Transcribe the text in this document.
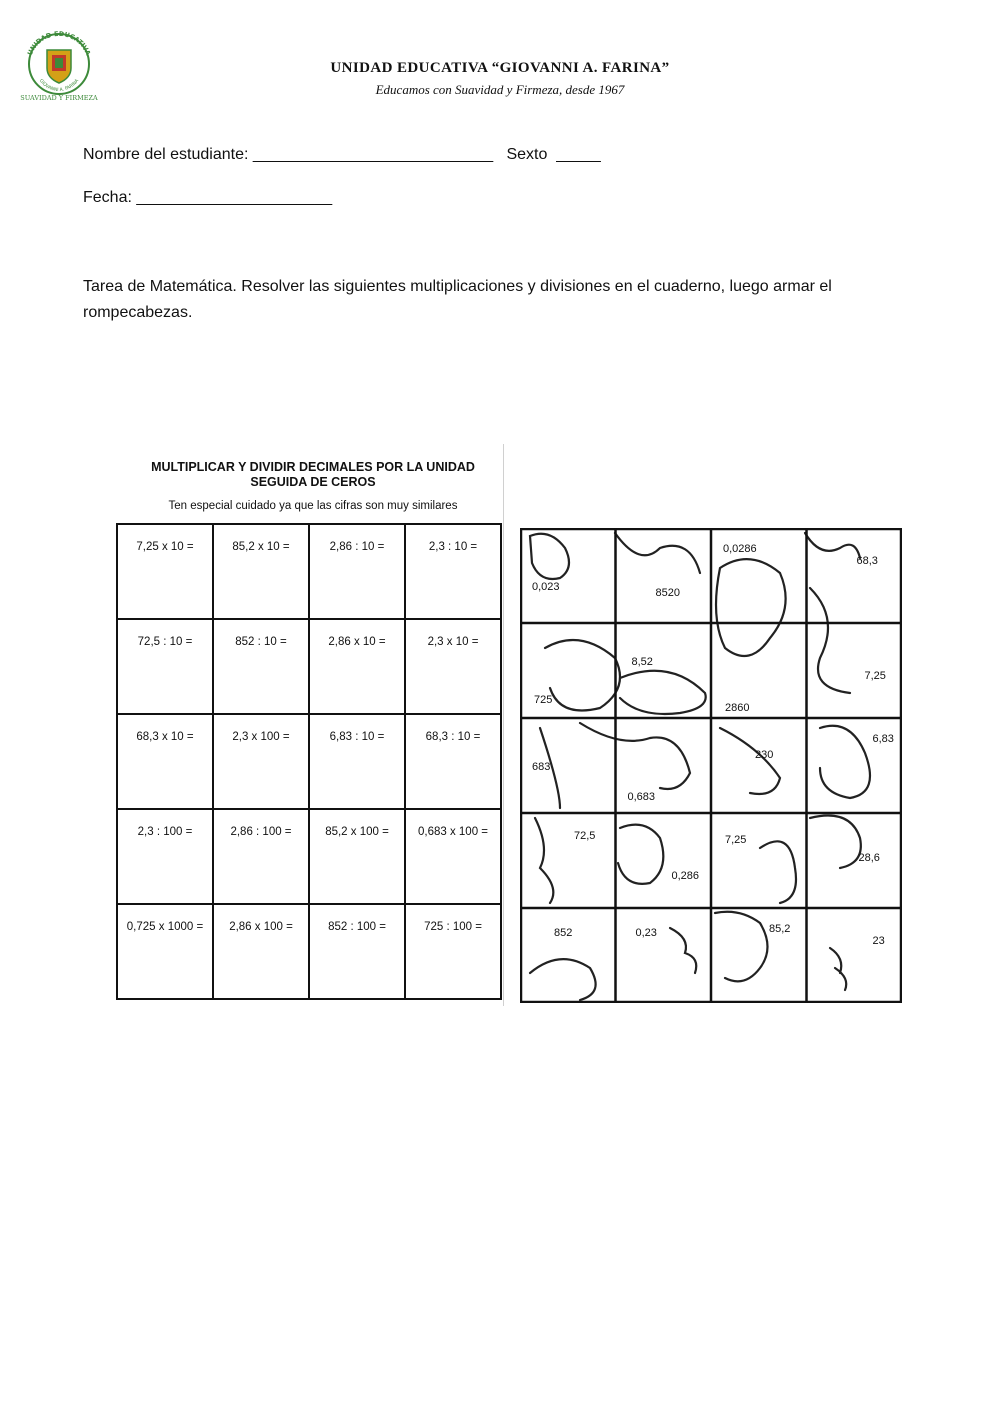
UNIDAD EDUCATIVA
GIOVANNI A. FARINA
SUAVIDAD Y FIRMEZA
UNIDAD EDUCATIVA “GIOVANNI A. FARINA”
Educamos con Suavidad y Firmeza, desde 1967
Nombre del estudiante: ___________________________   Sexto  _____
Fecha: ______________________
Tarea de Matemática. Resolver las siguientes multiplicaciones y divisiones en el cuaderno, luego armar el rompecabezas.
MULTIPLICAR Y DIVIDIR DECIMALES POR LA UNIDAD
SEGUIDA DE CEROS
Ten especial cuidado ya que las cifras son muy similares
7,25 x 10 =	85,2 x 10 =	2,86 : 10 =	2,3 : 10 =

72,5 : 10 =	852 : 10 =	2,86 x 10 =	2,3 x 10 =

68,3 x 10 =	2,3 x 100 =	6,83 : 10 =	68,3 : 10 =

2,3 : 100 =	2,86 : 100 =	85,2 x 100 =	0,683 x 100 =

0,725 x 1000 =	2,86 x 100 =	852 : 100 =	725 : 100 =
0,023	8520
0,0286
68,3
725
8,52
2860
7,25
683
0,683
230
6,83
72,5
0,286
7,25
28,6
852	0,23	85,2
23
